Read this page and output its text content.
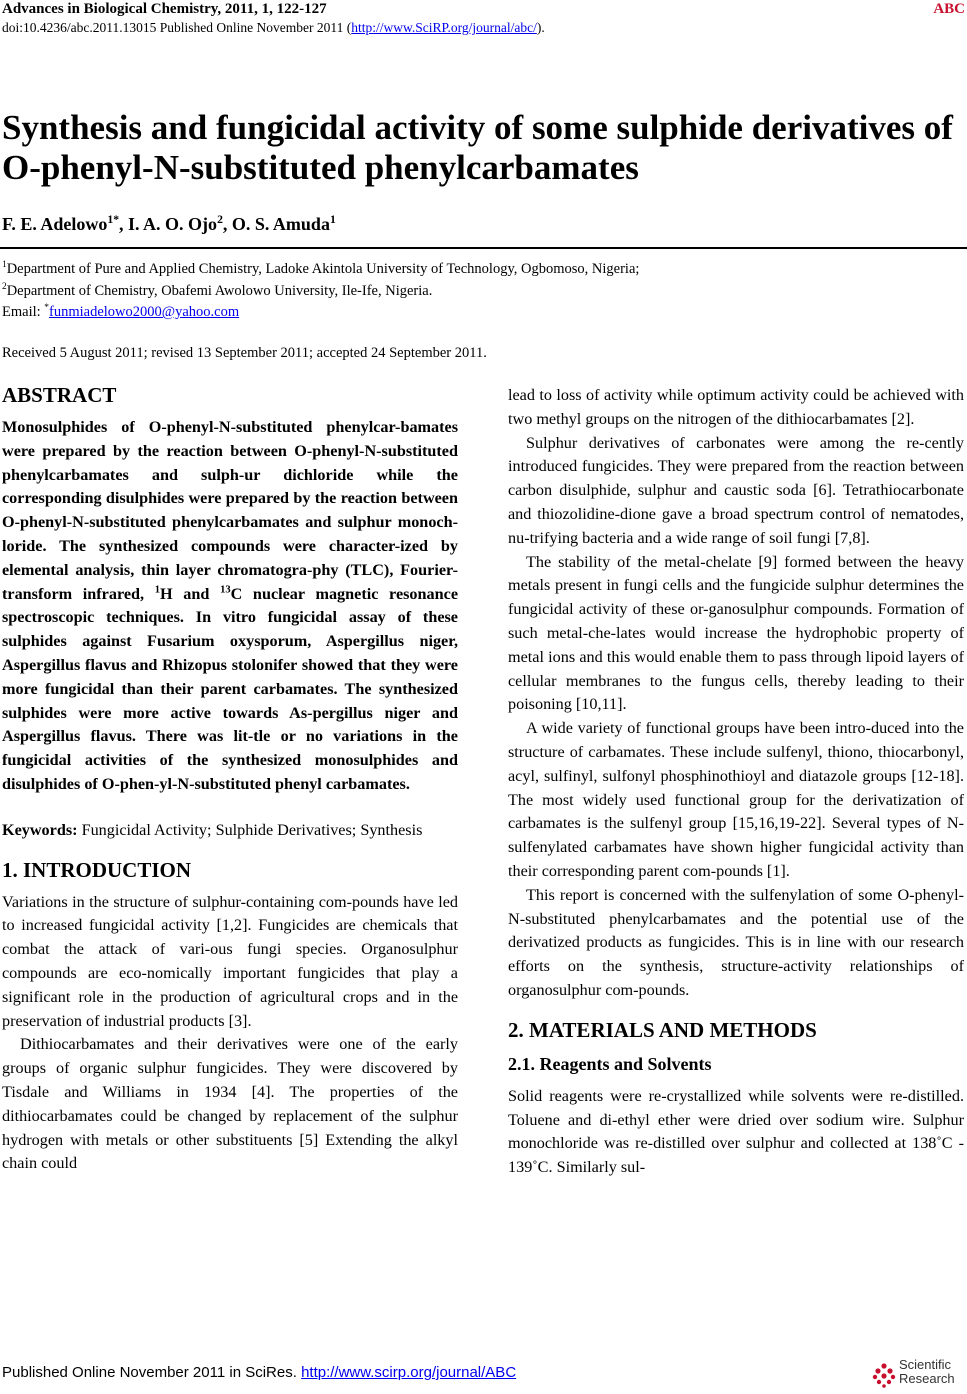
Advances in Biological Chemistry, 2011, 1, 122-127	ABC
doi:10.4236/abc.2011.13015 Published Online November 2011 (http://www.SciRP.org/journal/abc/).
Synthesis and fungicidal activity of some sulphide derivatives of O-phenyl-N-substituted phenylcarbamates
F. E. Adelowo$^{1*}$, I. A. O. Ojo$^2$, O. S. Amuda$^1$
$^1$Department of Pure and Applied Chemistry, Ladoke Akintola University of Technology, Ogbomoso, Nigeria;
$^2$Department of Chemistry, Obafemi Awolowo University, Ile-Ife, Nigeria.
Email: *funmiadelowo2000@yahoo.com
Received 5 August 2011; revised 13 September 2011; accepted 24 September 2011.
ABSTRACT

Monosulphides of O-phenyl-N-substituted phenylcar-bamates were prepared by the reaction between O-phenyl-N-substituted phenylcarbamates and sulph-ur dichloride while the corresponding disulphides were prepared by the reaction between O-phenyl-N-substituted phenylcarbamates and sulphur monoch-loride. The synthesized compounds were character-ized by elemental analysis, thin layer chromatogra-phy (TLC), Fourier-transform infrared, $^1$H and $^{13}$C nuclear magnetic resonance spectroscopic techniques. In vitro fungicidal assay of these sulphides against Fusarium oxysporum, Aspergillus niger, Aspergillus flavus and Rhizopus stolonifer showed that they were more fungicidal than their parent carbamates. The synthesized sulphides were more active towards As-pergillus niger and Aspergillus flavus. There was lit-tle or no variations in the fungicidal activities of the synthesized monosulphides and disulphides of O-phen-yl-N-substituted phenyl carbamates.

Keywords: Fungicidal Activity; Sulphide Derivatives; Synthesis

1. INTRODUCTION

Variations in the structure of sulphur-containing com-pounds have led to increased fungicidal activity [1,2]. Fungicides are chemicals that combat the attack of vari-ous fungi species. Organosulphur compounds are eco-nomically important fungicides that play a significant role in the production of agricultural crops and in the preservation of industrial products [3].

Dithiocarbamates and their derivatives were one of the early groups of organic sulphur fungicides. They were discovered by Tisdale and Williams in 1934 [4]. The properties of the dithiocarbamates could be changed by replacement of the sulphur hydrogen with metals or other substituents [5] Extending the alkyl chain could

lead to loss of activity while optimum activity could be achieved with two methyl groups on the nitrogen of the dithiocarbamates [2].

Sulphur derivatives of carbonates were among the re-cently introduced fungicides. They were prepared from the reaction between carbon disulphide, sulphur and caustic soda [6]. Tetrathiocarbonate and thiozolidine-dione gave a broad spectrum control of nematodes, nu-trifying bacteria and a wide range of soil fungi [7,8].

The stability of the metal-chelate [9] formed between the heavy metals present in fungi cells and the fungicide sulphur determines the fungicidal activity of these or-ganosulphur compounds. Formation of such metal-che-lates would increase the hydrophobic property of metal ions and this would enable them to pass through lipoid layers of cellular membranes to the fungus cells, thereby leading to their poisoning [10,11].

A wide variety of functional groups have been intro-duced into the structure of carbamates. These include sulfenyl, thiono, thiocarbonyl, acyl, sulfinyl, sulfonyl phosphinothioyl and diatazole groups [12-18]. The most widely used functional group for the derivatization of carbamates is the sulfenyl group [15,16,19-22]. Several types of N-sulfenylated carbamates have shown higher fungicidal activity than their corresponding parent com-pounds [1].

This report is concerned with the sulfenylation of some O-phenyl-N-substituted phenylcarbamates and the potential use of the derivatized products as fungicides. This is in line with our research efforts on the synthesis, structure-activity relationships of organosulphur com-pounds.

2. MATERIALS AND METHODS
2.1. Reagents and Solvents

Solid reagents were re-crystallized while solvents were re-distilled. Toluene and di-ethyl ether were dried over sodium wire. Sulphur monochloride was re-distilled over sulphur and collected at 138˚C - 139˚C. Similarly sul-

Published Online November 2011 in SciRes. http://www.scirp.org/journal/ABC	Scientific
Research
